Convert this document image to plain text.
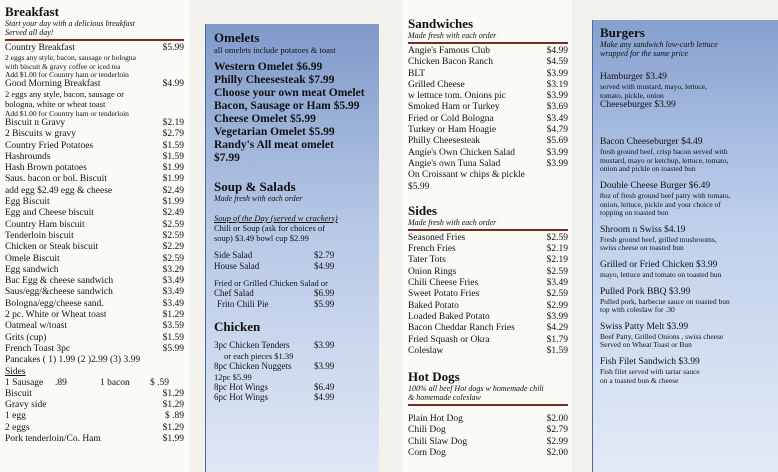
Breakfast
Start your day with a delicious breakfast
Served all day!
Country Breakfast	$5.99
2 eggs any style, bacon, sausage or bologna
with biscuit & gravy coffee or iced tea
Add $1.00 for Country ham or tenderloin
Good Morning Breakfast	$4.99
2 eggs any style, bacon, sausage or
bologna, white or wheat toast
Add $1.00 for Country ham or tenderloin
Biscuit n Gravy	$2.19
2 Biscuits w gravy	$2.79
Country Fried Potatoes	$1.59
Hashrounds	$1.59
Hash Brown potatoes	$1.99
Saus. bacon or bol. Biscuit	$1.99
add egg $2.49 egg & cheese	$2.49
Egg Biscuit	$1.99
Egg and Cheese biscuit	$2.49
Country Ham biscuit	$2.59
Tenderloin biscuit	$2.59
Chicken or Steak biscuit	$2.29
Omele Biscuit	$2.59
Egg sandwich	$3.29
Bac Egg & cheese sandwich	$3.49
Saus/egg/&cheese sandwich	$3.49
Bologna/egg/cheese sand.	$3.49
2 pc. White or Wheat toast	$1.29
Oatmeal w/toast	$3.59
Grits (cup)	$1.59
French Toast 3pc	$5.99
Pancakes ( 1) 1.99 (2 )2.99 (3) 3.99
Sides
1 Sausage	.89	1 bacon	$ .59
Biscuit	$1.29
Gravy side	$1.29
1 egg	$ .89
2 eggs	$1.29
Pork tenderloin/Co. Ham	$1.99
Omelets
all omelets include potatoes & toast
Western Omelet $6.99
Philly Cheesesteak $7.99
Choose your own meat Omelet
Bacon, Sausage or Ham $5.99
Cheese Omelet $5.99
Vegetarian Omelet $5.99
Randy's All meat omelet
$7.99
Soup & Salads
Made fresh with each order
Soup of the Day (served w crackers)
Chili or Soup (ask for choices of
soup) $3.49 bowl cup $2.99
Side Salad	$2.79
House Salad	$4.99
Fried or Grilled Chicken Salad or
Chef Salad	$6.99
Frito Chili Pie	$5.99
Chicken
3pc Chicken Tenders	$3.99
or each pieces $1.39
8pc Chicken Nuggets	$3.99
12pc $5.99
8pc Hot Wings	$6.49
6pc Hot Wings	$4.99
Sandwiches
Made fresh with each order
Angie's Famous Club	$4.99
Chicken Bacon Ranch	$4.59
BLT	$3.99
Grilled Cheese	$3.19
w lettuce tom. Onions pic	$3.99
Smoked Ham or Turkey	$3.69
Fried or Cold Bologna	$3.49
Turkey or Ham Hoagie	$4.79
Philly Cheesesteak	$5.69
Angie's Own Chicken Salad	$3.99
Angie's own Tuna Salad	$3.99
On Croissant w chips & pickle
$5.99
Sides
Made fresh with each order
Seasoned Fries	$2.59
French Fries	$2.19
Tater Tots	$2.19
Onion Rings	$2.59
Chili Cheese Fries	$3.49
Sweet Potato Fries	$2.59
Baked Potato	$2.99
Loaded Baked Potato	$3.99
Bacon Cheddar Ranch Fries	$4.29
Fried Squash or Okra	$1.79
Coleslaw	$1.59
Hot Dogs
100% all beef Hot dogs w homemade chili
& homemade coleslaw
Plain Hot Dog	$2.00
Chili Dog	$2.79
Chili Slaw Dog	$2.99
Corn Dog	$2.00
Burgers
Make any sandwich low-carb lettuce
wrapped for the same price
Hamburger $3.49
served with mustard, mayo, lettuce,
tomato, pickle, onion
Cheeseburger $3.99
Bacon Cheeseburger $4.49
fresh ground beef, crisp bacon served with
mustard, mayo or ketchup, lettuce, tomato,
onion and pickle on toasted bun
Double Cheese Burger $6.49
8oz of fresh ground beef patty with tomato,
onion, lettuce, pickle and your choice of
topping on toasted bun
Shroom n Swiss $4.19
Fresh ground beef, grilled mushrooms,
swiss cheese on toasted bun
Grilled or Fried Chicken $3.99
mayo, lettuce and tomato on toasted bun
Pulled Pork BBQ $3.99
Pulled pork, barbecue sauce on toasted bun
top with coleslaw for .30
Swiss Patty Melt $3.99
Beef Patty, Grilled Onions , swiss cheese
Served on Wheat Toast or Bun
Fish Filet Sandwich $3.99
Fish filet served with tartar sauce
on a toasted bun & cheese
